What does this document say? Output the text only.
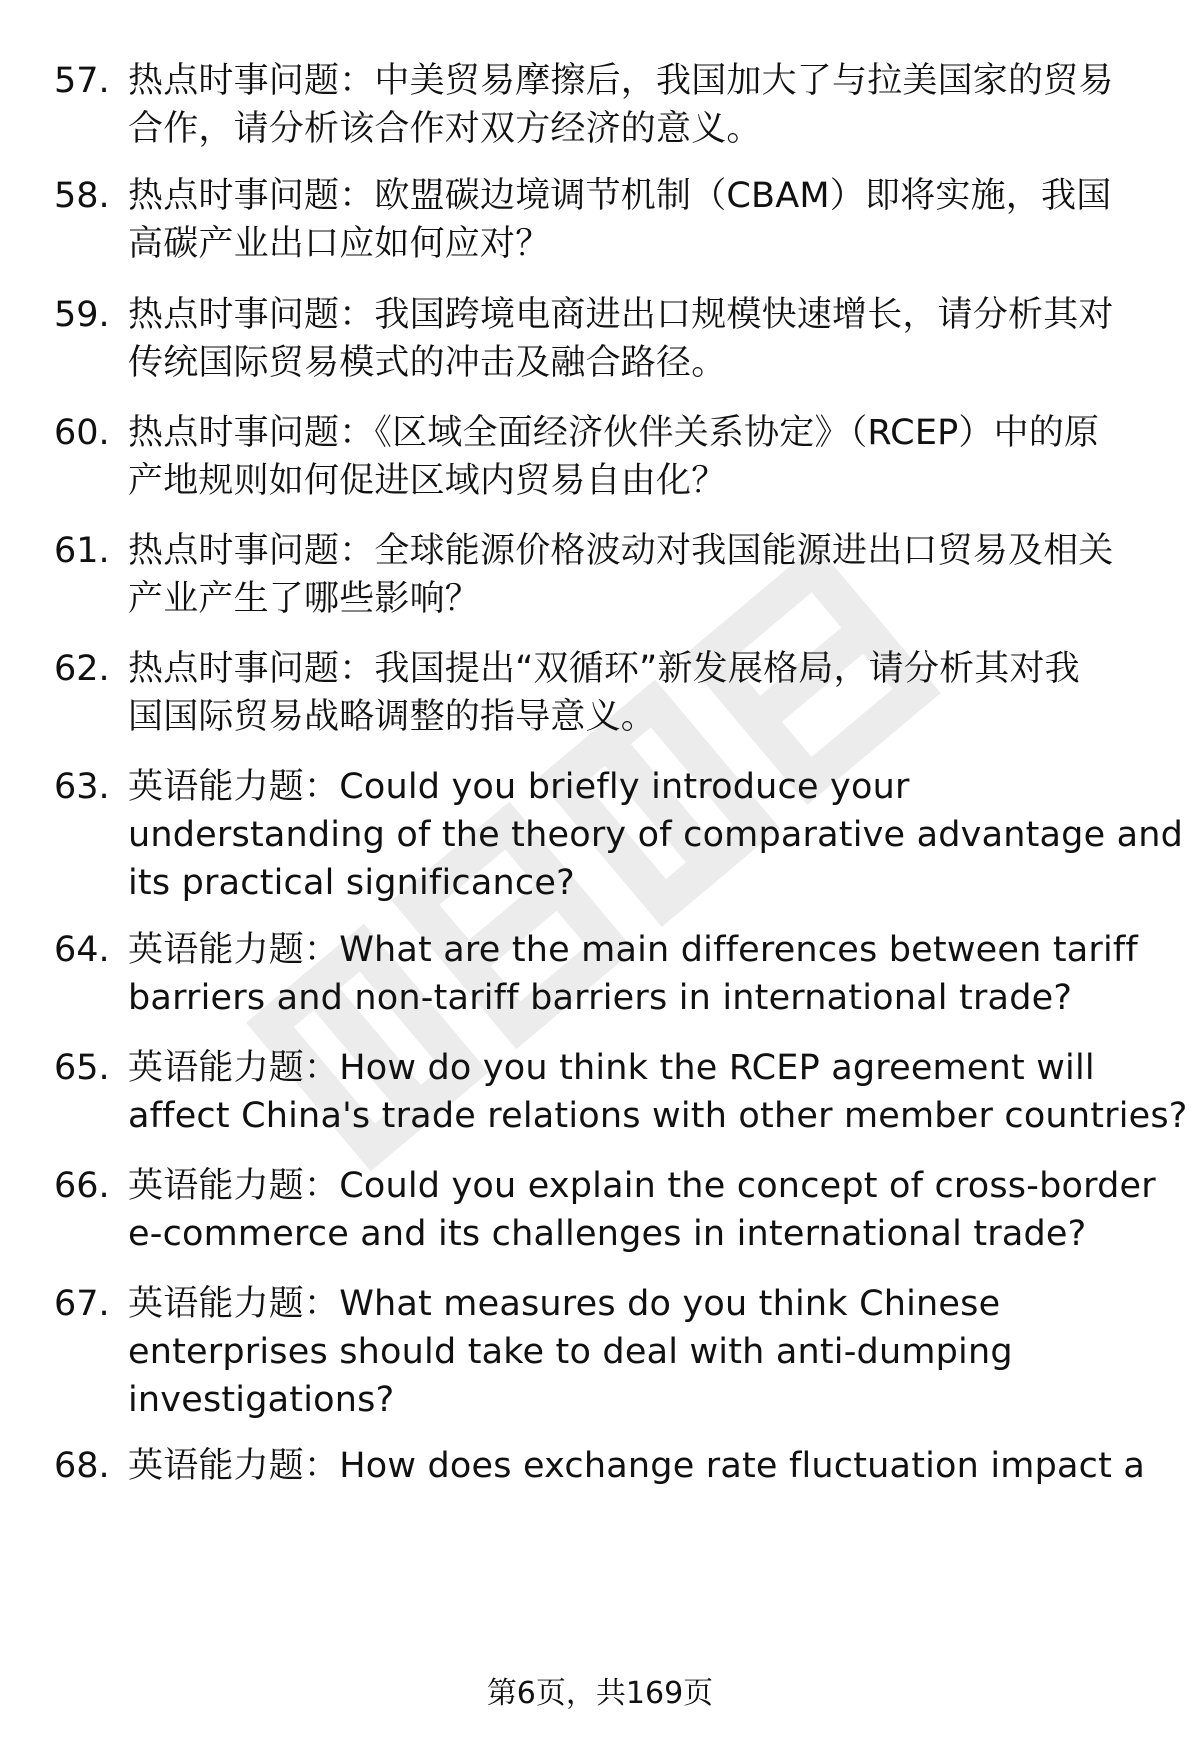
57. 热点时事问题：中美贸易摩擦后，我国加大了与拉美国家的贸易
合作，请分析该合作对双方经济的意义。
58. 热点时事问题：欧盟碳边境调节机制（CBAM）即将实施，我国
高碳产业出口应如何应对？
59. 热点时事问题：我国跨境电商进出口规模快速增长，请分析其对
传统国际贸易模式的冲击及融合路径。
60. 热点时事问题：《区域全面经济伙伴关系协定》（RCEP）中的原
产地规则如何促进区域内贸易自由化？
61. 热点时事问题：全球能源价格波动对我国能源进出口贸易及相关
产业产生了哪些影响？
62. 热点时事问题：我国提出“双循环”新发展格局，请分析其对我
国国际贸易战略调整的指导意义。
63. 英语能力题：Could you briefly introduce your
understanding of the theory of comparative advantage and
its practical significance?
64. 英语能力题：What are the main differences between tariff
barriers and non-tariff barriers in international trade?
65. 英语能力题：How do you think the RCEP agreement will
affect China's trade relations with other member countries?
66. 英语能力题：Could you explain the concept of cross-border
e-commerce and its challenges in international trade?
67. 英语能力题：What measures do you think Chinese
enterprises should take to deal with anti-dumping
investigations?
68. 英语能力题：How does exchange rate fluctuation impact a
第6页，共169页
